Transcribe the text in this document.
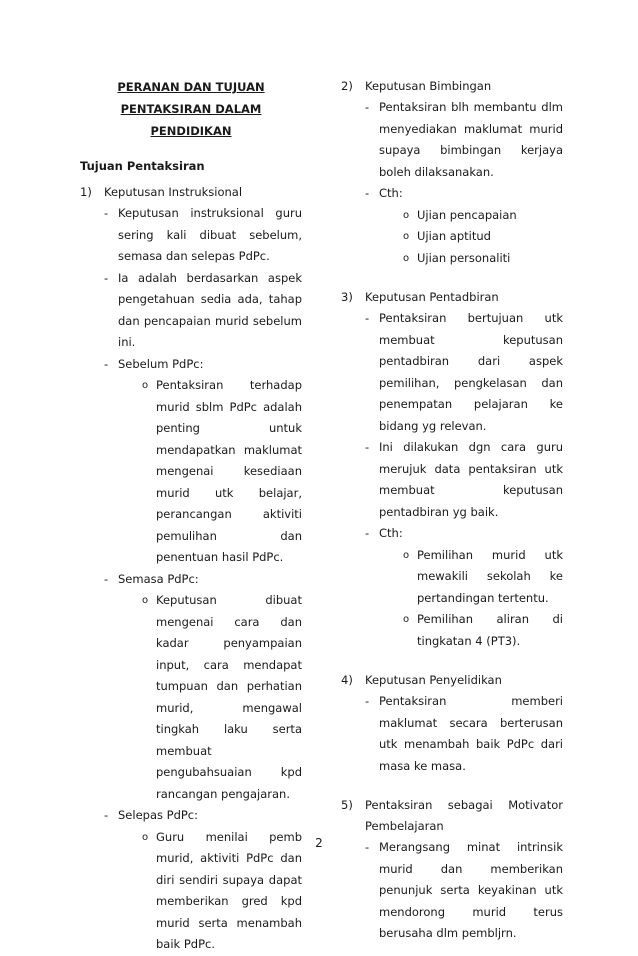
PERANAN DAN TUJUAN
PENTAKSIRAN DALAM PENDIDIKAN
Tujuan Pentaksiran
1) Keputusan Instruksional
- Keputusan instruksional guru sering kali dibuat sebelum, semasa dan selepas PdPc.
- Ia adalah berdasarkan aspek pengetahuan sedia ada, tahap dan pencapaian murid sebelum ini.
- Sebelum PdPc:
o Pentaksiran terhadap murid sblm PdPc adalah penting untuk mendapatkan maklumat mengenai kesediaan murid utk belajar, perancangan aktiviti pemulihan dan penentuan hasil PdPc.
- Semasa PdPc:
o Keputusan dibuat mengenai cara dan kadar penyampaian input, cara mendapat tumpuan dan perhatian murid, mengawal tingkah laku serta membuat pengubahsuaian kpd rancangan pengajaran.
- Selepas PdPc:
o Guru menilai pemb murid, aktiviti PdPc dan diri sendiri supaya dapat memberikan gred kpd murid serta menambah baik PdPc.
2) Keputusan Bimbingan
- Pentaksiran blh membantu dlm menyediakan maklumat murid supaya bimbingan kerjaya boleh dilaksanakan.
- Cth:
o Ujian pencapaian
o Ujian aptitud
o Ujian personaliti
3) Keputusan Pentadbiran
- Pentaksiran bertujuan utk membuat keputusan pentadbiran dari aspek pemilihan, pengkelasan dan penempatan pelajaran ke bidang yg relevan.
- Ini dilakukan dgn cara guru merujuk data pentaksiran utk membuat keputusan pentadbiran yg baik.
- Cth:
o Pemilihan murid utk mewakili sekolah ke pertandingan tertentu.
o Pemilihan aliran di tingkatan 4 (PT3).
4) Keputusan Penyelidikan
- Pentaksiran memberi maklumat secara berterusan utk menambah baik PdPc dari masa ke masa.
5) Pentaksiran sebagai Motivator Pembelajaran
- Merangsang minat intrinsik murid dan memberikan penunjuk serta keyakinan utk mendorong murid terus berusaha dlm pembljrn.
2
